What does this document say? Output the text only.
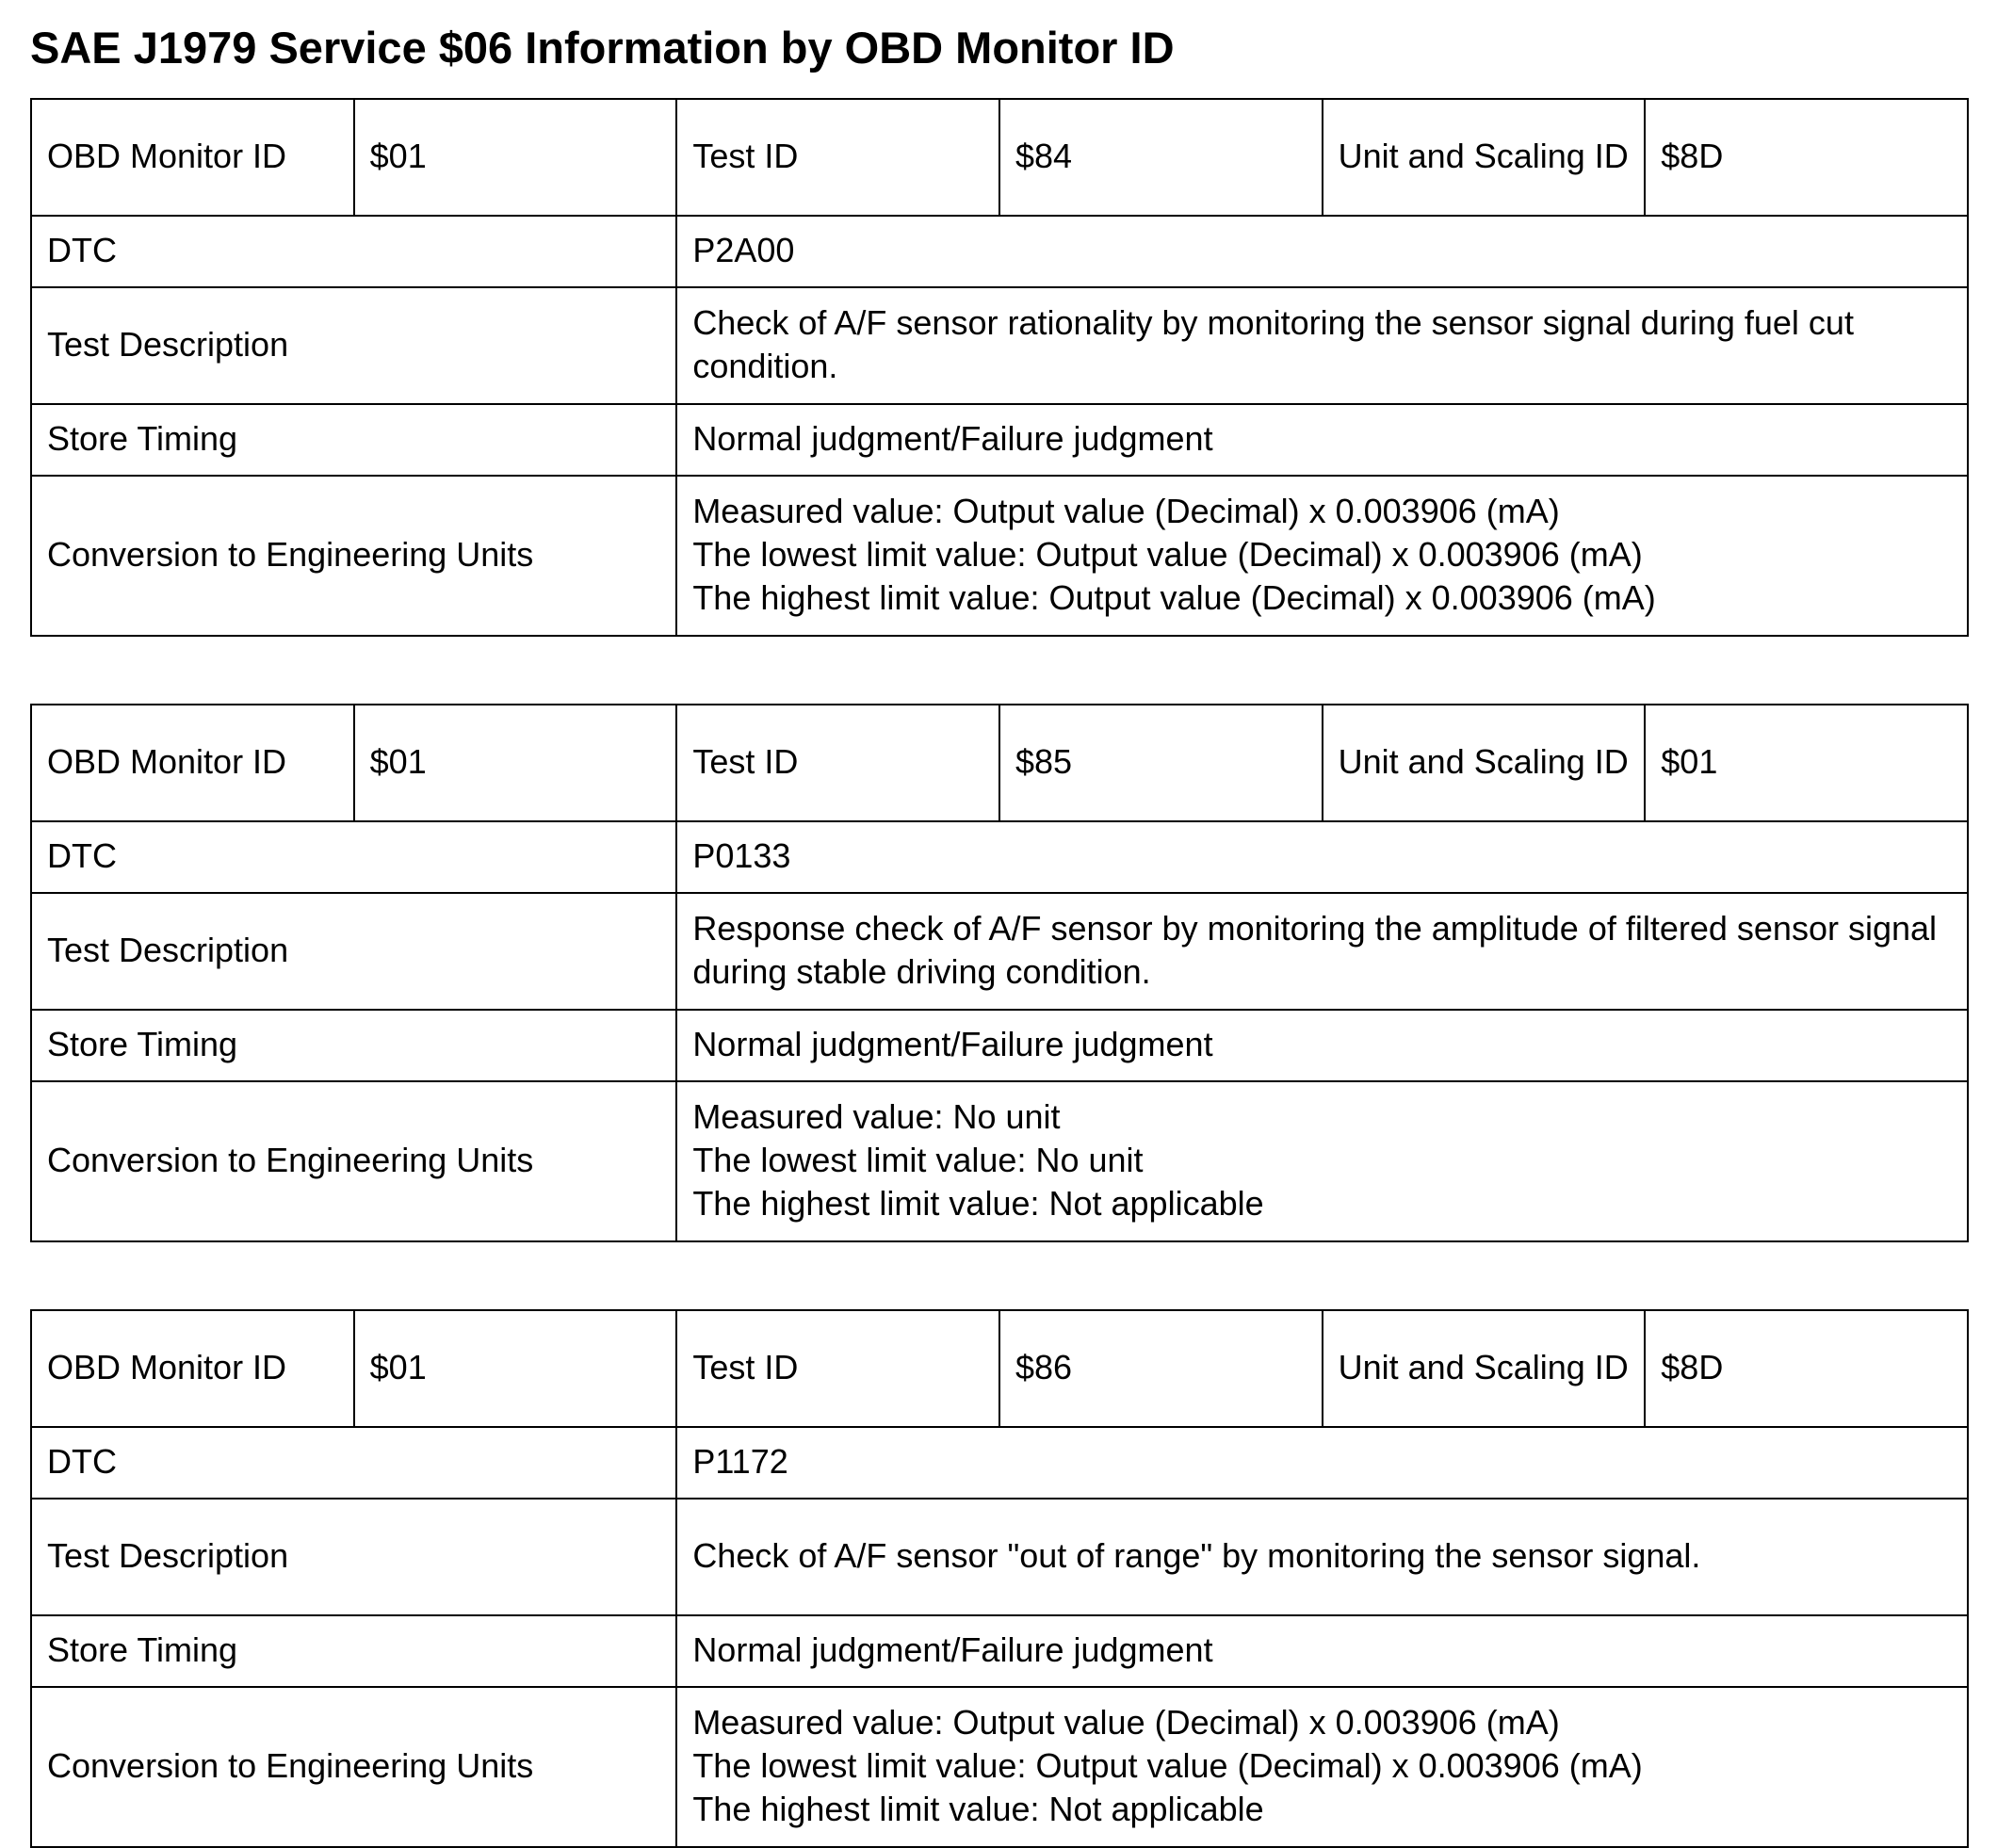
SAE J1979 Service $06 Information by OBD Monitor ID
OBD Monitor ID	$01	Test ID	$84	Unit and Scaling ID	$8D
DTC		P2A00			
Test Description		Check of A/F sensor rationality by monitoring the sensor signal during fuel cut condition.			
Store Timing		Normal judgment/Failure judgment			
Conversion to Engineering Units		Measured value: Output value (Decimal) x 0.003906 (mA)
The lowest limit value: Output value (Decimal) x 0.003906 (mA)
The highest limit value: Output value (Decimal) x 0.003906 (mA)			
OBD Monitor ID	$01	Test ID	$85	Unit and Scaling ID	$01
DTC		P0133			
Test Description		Response check of A/F sensor by monitoring the amplitude of filtered sensor signal during stable driving condition.			
Store Timing		Normal judgment/Failure judgment			
Conversion to Engineering Units		Measured value: No unit
The lowest limit value: No unit
The highest limit value: Not applicable			
OBD Monitor ID	$01	Test ID	$86	Unit and Scaling ID	$8D
DTC		P1172			
Test Description		Check of A/F sensor "out of range" by monitoring the sensor signal.			
Store Timing		Normal judgment/Failure judgment			
Conversion to Engineering Units		Measured value: Output value (Decimal) x 0.003906 (mA)
The lowest limit value: Output value (Decimal) x 0.003906 (mA)
The highest limit value: Not applicable			
